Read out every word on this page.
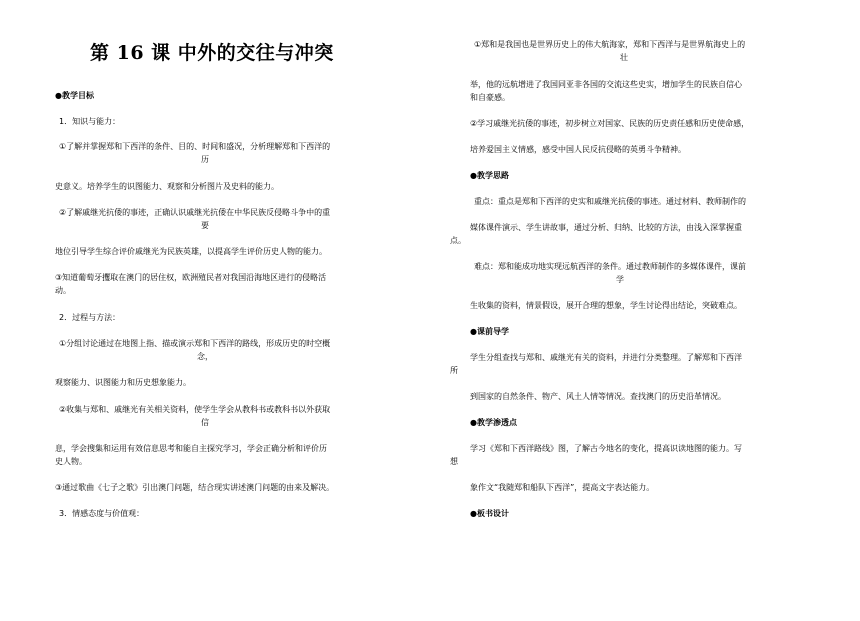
第 16 课 中外的交往与冲突
●教学目标
1．知识与能力：
①了解并掌握郑和下西洋的条件、目的、时间和盛况，分析理解郑和下西洋的
历
史意义。培养学生的识图能力、观察和分析图片及史料的能力。
②了解戚继光抗倭的事迹，正确认识戚继光抗倭在中华民族反侵略斗争中的重
要
地位引导学生综合评价戚继光为民族英雄，以提高学生评价历史人物的能力。
③知道葡萄牙攫取在澳门的居住权，欧洲殖民者对我国沿海地区进行的侵略活
动。
2．过程与方法：
①分组讨论通过在地图上指、描或演示郑和下西洋的路线，形成历史的时空概
念，
观察能力、识图能力和历史想象能力。
②收集与郑和、戚继光有关相关资料，使学生学会从教科书或教科书以外获取
信
息，学会搜集和运用有效信息思考和能自主探究学习，学会正确分析和评价历
史人物。
③通过歌曲《七子之歌》引出澳门问题，结合现实讲述澳门问题的由来及解决。
3．情感态度与价值观：
①郑和是我国也是世界历史上的伟大航海家，郑和下西洋与是世界航海史上的
壮
举，他的远航增进了我国同亚非各国的交流这些史实，增加学生的民族自信心
和自豪感。
②学习戚继光抗倭的事迹，初步树立对国家、民族的历史责任感和历史使命感，
培养爱国主义情感，感受中国人民反抗侵略的英勇斗争精神。
●教学思路
重点：重点是郑和下西洋的史实和戚继光抗倭的事迹。通过材料、教师制作的
媒体课件演示、学生讲故事，通过分析、归纳、比较的方法，由浅入深掌握重
点。
难点：郑和能成功地实现远航西洋的条件。通过教师制作的多媒体课件，课前
学
生收集的资料，情景假设，展开合理的想象，学生讨论得出结论，突破难点。
●课前导学
学生分组查找与郑和、戚继光有关的资料，并进行分类整理。了解郑和下西洋
所
到国家的自然条件、物产、风土人情等情况。查找澳门的历史沿革情况。
●教学渗透点
学习《郑和下西洋路线》图，了解古今地名的变化，提高识读地图的能力。写
想
象作文“我随郑和船队下西洋”，提高文字表达能力。
●板书设计
